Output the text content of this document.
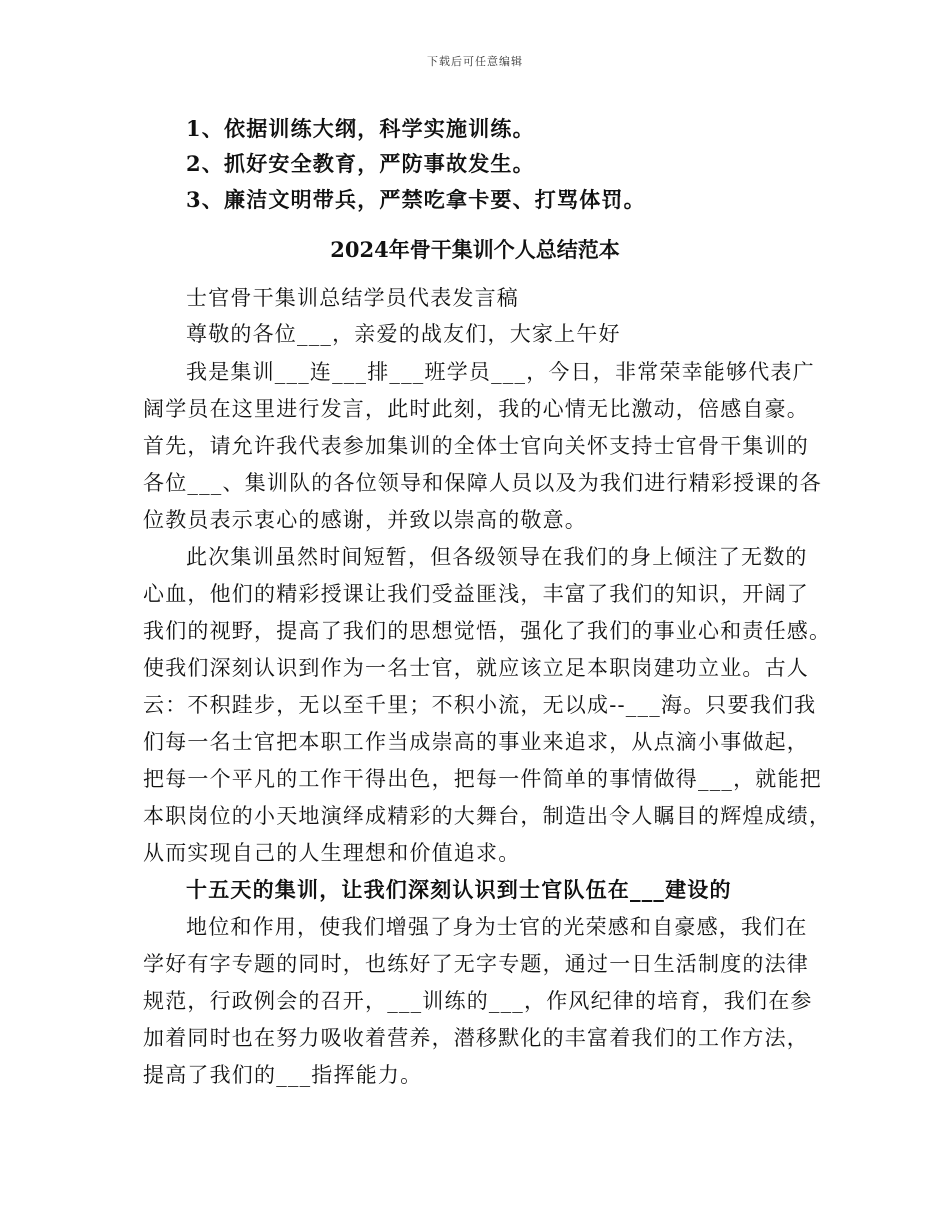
下载后可任意编辑
1、依据训练大纲，科学实施训练。
2、抓好安全教育，严防事故发生。
3、廉洁文明带兵，严禁吃拿卡要、打骂体罚。
2024年骨干集训个人总结范本
士官骨干集训总结学员代表发言稿
尊敬的各位___，亲爱的战友们，大家上午好
我是集训___连___排___班学员___，今日，非常荣幸能够代表广
阔学员在这里进行发言，此时此刻，我的心情无比激动，倍感自豪。
首先，请允许我代表参加集训的全体士官向关怀支持士官骨干集训的
各位___、集训队的各位领导和保障人员以及为我们进行精彩授课的各
位教员表示衷心的感谢，并致以崇高的敬意。
此次集训虽然时间短暂，但各级领导在我们的身上倾注了无数的
心血，他们的精彩授课让我们受益匪浅，丰富了我们的知识，开阔了
我们的视野，提高了我们的思想觉悟，强化了我们的事业心和责任感。
使我们深刻认识到作为一名士官，就应该立足本职岗建功立业。古人
云：不积跬步，无以至千里；不积小流，无以成--___海。只要我们我
们每一名士官把本职工作当成崇高的事业来追求，从点滴小事做起，
把每一个平凡的工作干得出色，把每一件简单的事情做得___，就能把
本职岗位的小天地演绎成精彩的大舞台，制造出令人瞩目的辉煌成绩，
从而实现自己的人生理想和价值追求。
十五天的集训，让我们深刻认识到士官队伍在___建设的
地位和作用，使我们增强了身为士官的光荣感和自豪感，我们在
学好有字专题的同时，也练好了无字专题，通过一日生活制度的法律
规范，行政例会的召开，___训练的___，作风纪律的培育，我们在参
加着同时也在努力吸收着营养，潜移默化的丰富着我们的工作方法，
提高了我们的___指挥能力。
